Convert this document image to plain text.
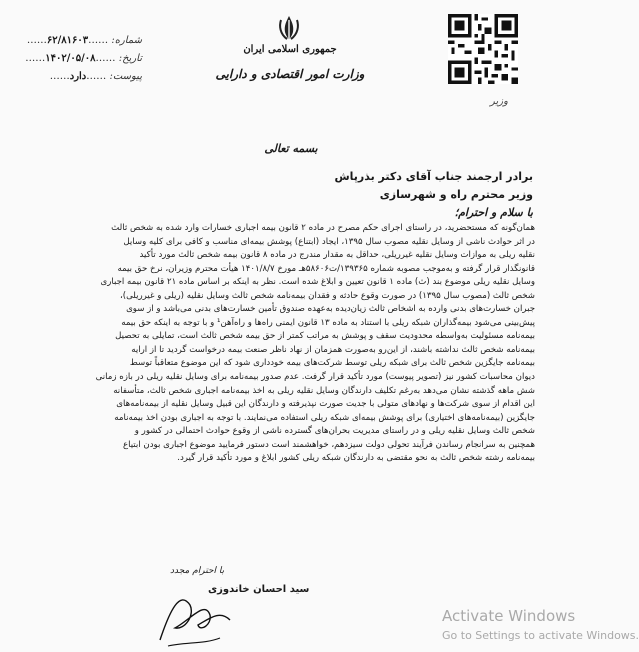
شماره: ……۶۲/۸۱۶۰۳……
تاریخ: ……۱۴۰۲/۰۵/۰۸……
پیوست: ……دارد……
جمهوری اسلامی ایران
وزارت امور اقتصادی و دارایی
وزیر
بسمه تعالی
برادر ارجمند جناب آقای دکتر بذرپاش
وزیر محترم راه و شهرسازی
با سلام و احترام؛
همان‌گونه که مستحضرید، در راستای اجرای حکم مصرح در ماده ۲ قانون بیمه اجباری خسارات وارد شده به شخص ثالث
در اثر حوادث ناشی از وسایل نقلیه مصوب سال ۱۳۹۵، ایجاد (ابتناع) پوشش بیمه‌ای مناسب و کافی برای کلیه وسایل
نقلیه ریلی به موازات وسایل نقلیه غیرریلی، حداقل به مقدار مندرج در ماده ۸ قانون بیمه شخص ثالث مورد تأکید
قانونگذار قرار گرفته و به‌موجب مصوبه شماره ۱۳۹۳۶۵/ت۵۸۶۰۶هـ مورخ ۱۴۰۱/۸/۷ هیأت محترم وزیران، نرخ حق بیمه
وسایل نقلیه ریلی موضوع بند (ث) ماده ۱ قانون تعیین و ابلاغ شده است. نظر به اینکه بر اساس ماده ۲۱ قانون بیمه اجباری
شخص ثالث (مصوب سال ۱۳۹۵) در صورت وقوع حادثه و فقدان بیمه‌نامه شخص ثالث وسایل نقلیه (ریلی و غیرریلی)،
جبران خسارت‌های بدنی وارده به اشخاص ثالث زیان‌دیده به‌عهده صندوق تأمین خسارت‌های بدنی می‌باشد و از سوی
پیش‌بینی می‌شود بیمه‌گذاران شبکه ریلی با استناد به ماده ۱۳ قانون ایمنی راه‌ها و راه‌آهن¹ و با توجه به اینکه حق بیمه
بیمه‌نامه مسئولیت به‌واسطه محدودیت سقف و پوشش به مراتب کمتر از حق بیمه شخص ثالث است، تمایلی به تحصیل
بیمه‌نامه شخص ثالث نداشته باشند، از این‌رو به‌صورت همزمان از نهاد ناظر صنعت بیمه درخواست گردید تا از ارایه
بیمه‌نامه جایگزین شخص ثالث برای شبکه ریلی توسط شرکت‌های بیمه خودداری شود که این موضوع متعاقباً توسط
دیوان محاسبات کشور نیز (تصویر پیوست) مورد تأکید قرار گرفت. عدم صدور بیمه‌نامه برای وسایل نقلیه ریلی در بازه زمانی
شش ماهه گذشته نشان می‌دهد به‌رغم تکلیف دارندگان وسایل نقلیه ریلی به اخذ بیمه‌نامه اجباری شخص ثالث، متأسفانه
این اقدام از سوی شرکت‌ها و نهادهای متولی با جدیت صورت نپذیرفته و دارندگان این قبیل وسایل نقلیه از بیمه‌نامه‌های
جایگزین (بیمه‌نامه‌های اختیاری) برای پوشش بیمه‌ای شبکه ریلی استفاده می‌نمایند. با توجه به اجباری بودن اخذ بیمه‌نامه
شخص ثالث وسایل نقلیه ریلی و در راستای مدیریت بحران‌های گسترده ناشی از وقوع حوادث احتمالی در کشور و
همچنین به سرانجام رساندن فرآیند تحولی دولت سیزدهم، خواهشمند است دستور فرمایید موضوع اجباری بودن ابتیاع
بیمه‌نامه رشته شخص ثالث به نحو مقتضی به دارندگان شبکه ریلی کشور ابلاغ و مورد تأکید قرار گیرد.
با احترام مجدد
سید احسان خاندوزی
Activate Windows
Go to Settings to activate Windows.
